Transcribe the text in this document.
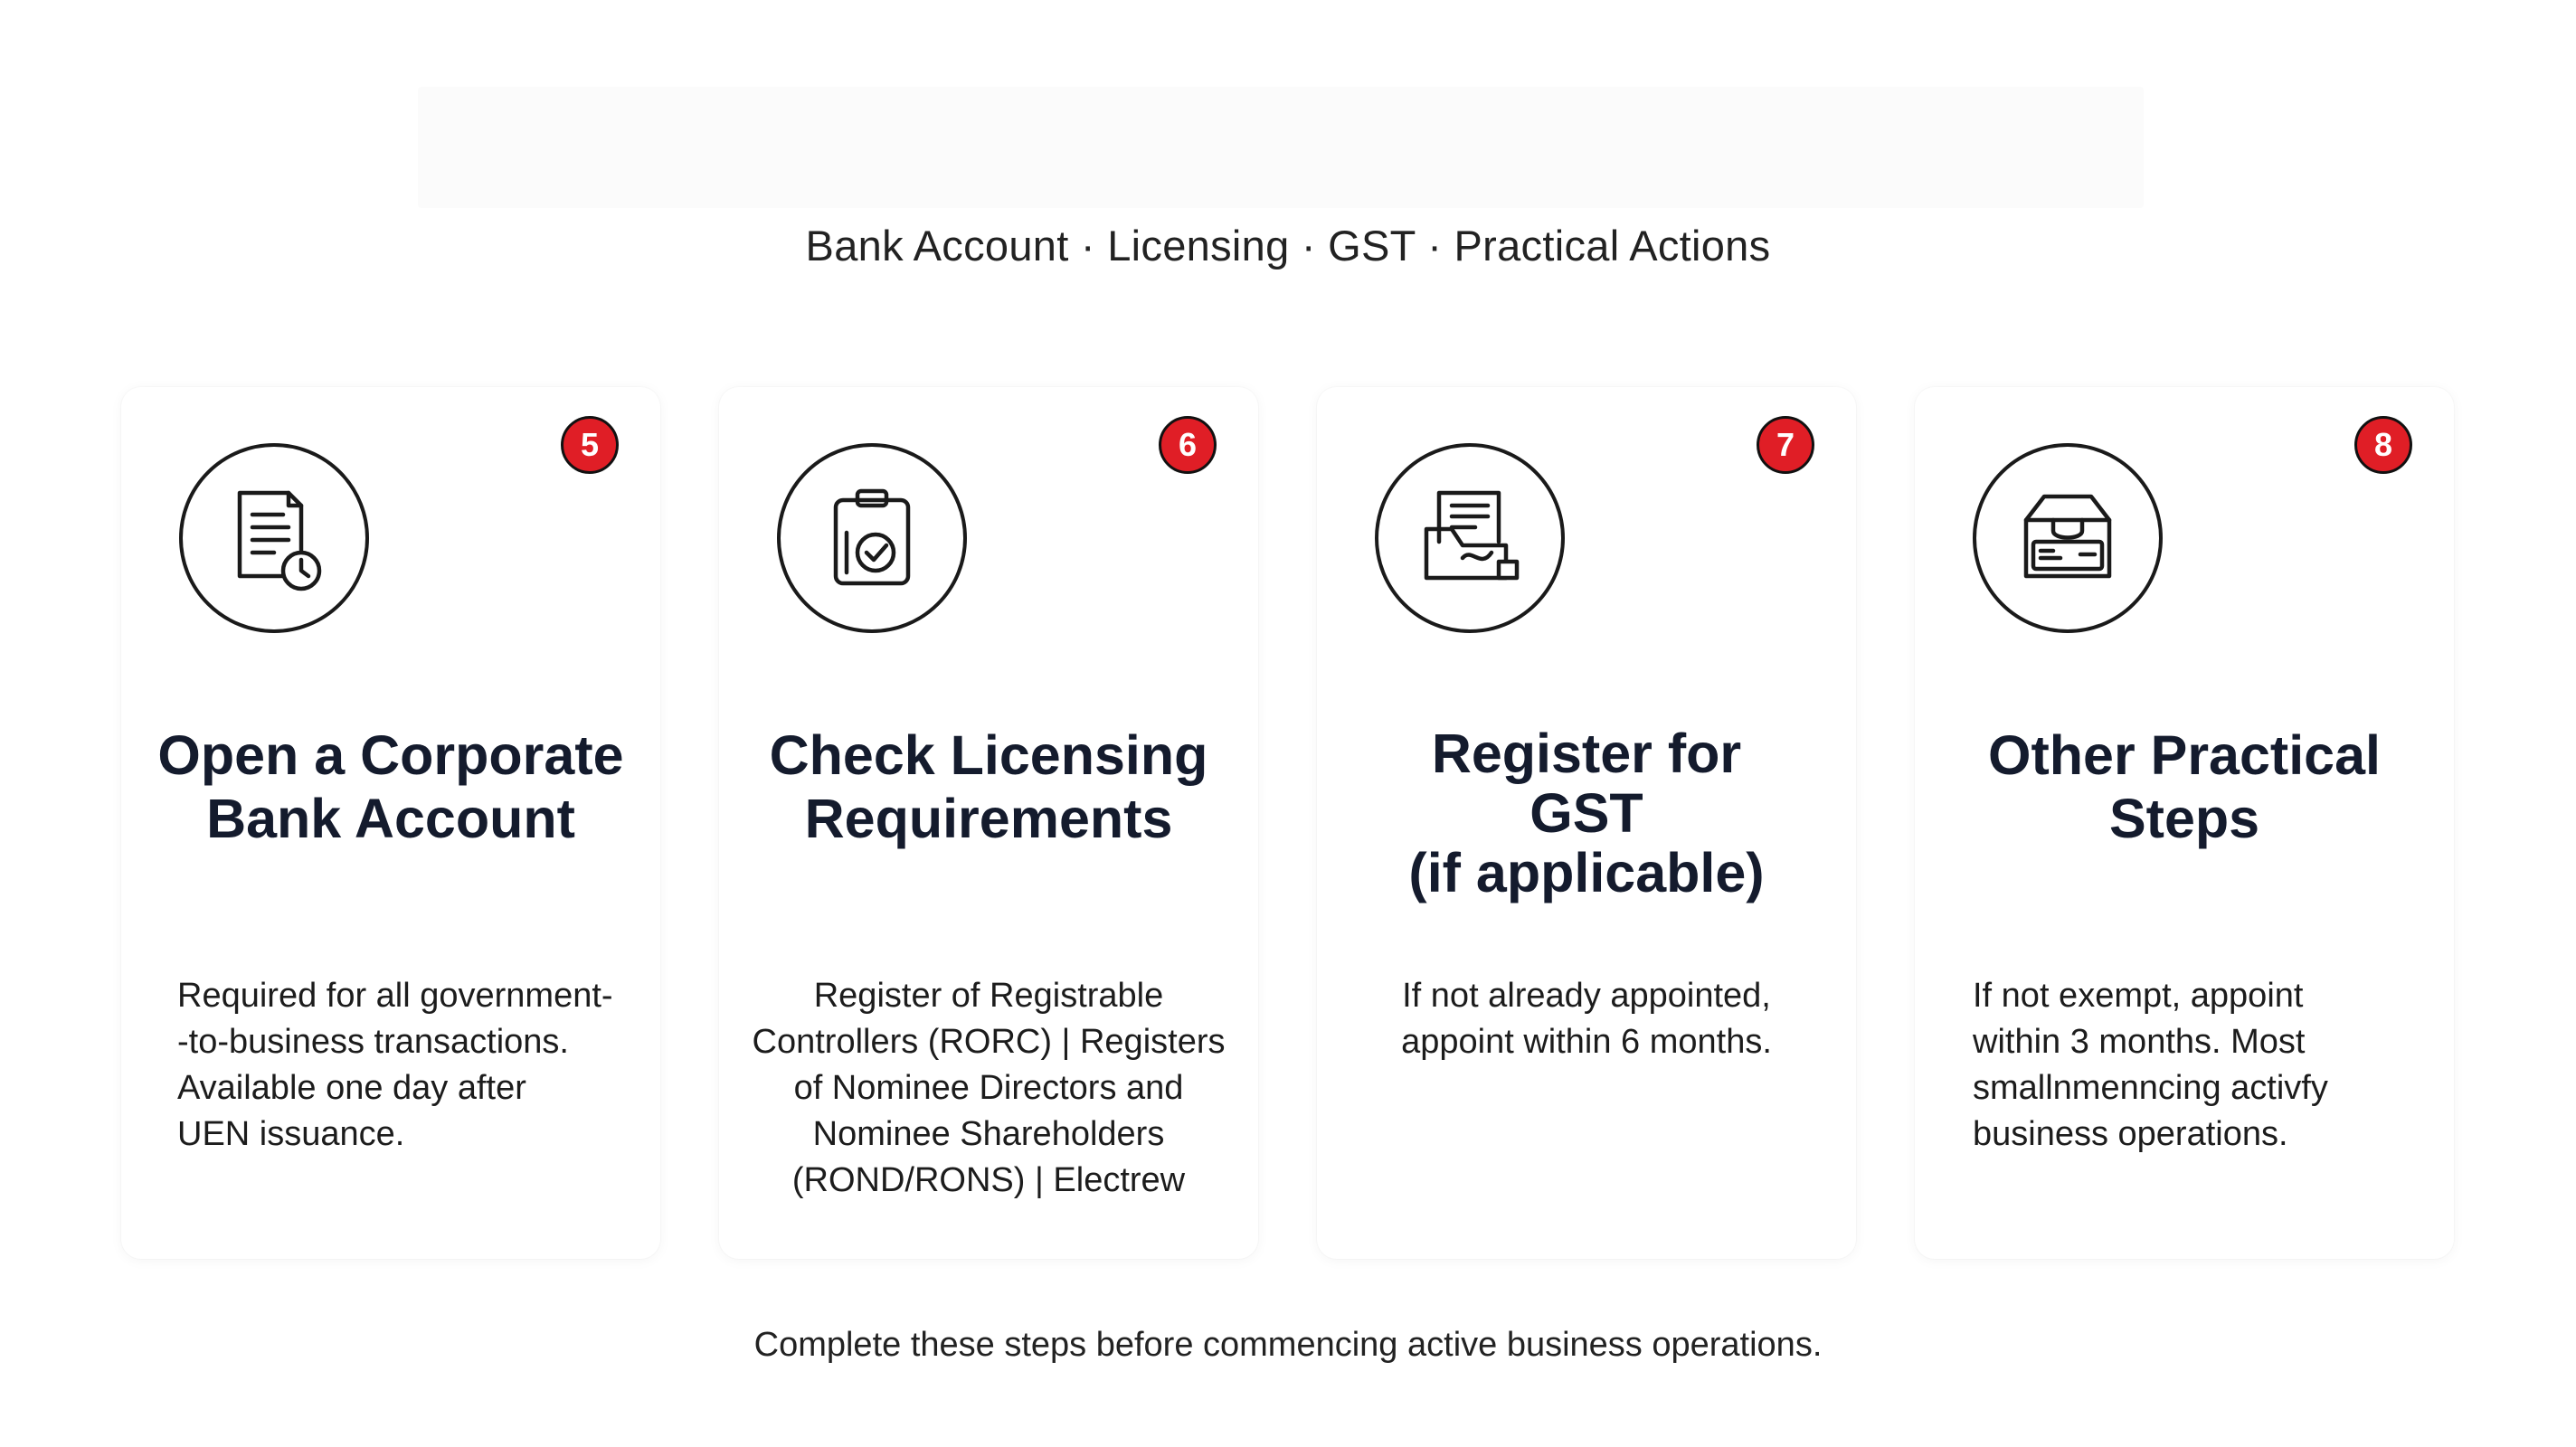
Bank Account · Licensing · GST · Practical Actions
5
Open a Corporate
Bank Account
Required for all government-
-to-business transactions.
Available one day after
UEN issuance.
6
Check Licensing
Requirements
Register of Registrable
Controllers (RORC) | Registers
of Nominee Directors and
Nominee Shareholders
(ROND/RONS) | Electrew
7
Register for
GST
(if applicable)
If not already appointed,
appoint within 6 months.
8
Other Practical
Steps
If not exempt, appoint
within 3 months. Most
smallnmenncing activfy
business operations.
Complete these steps before commencing active business operations.
